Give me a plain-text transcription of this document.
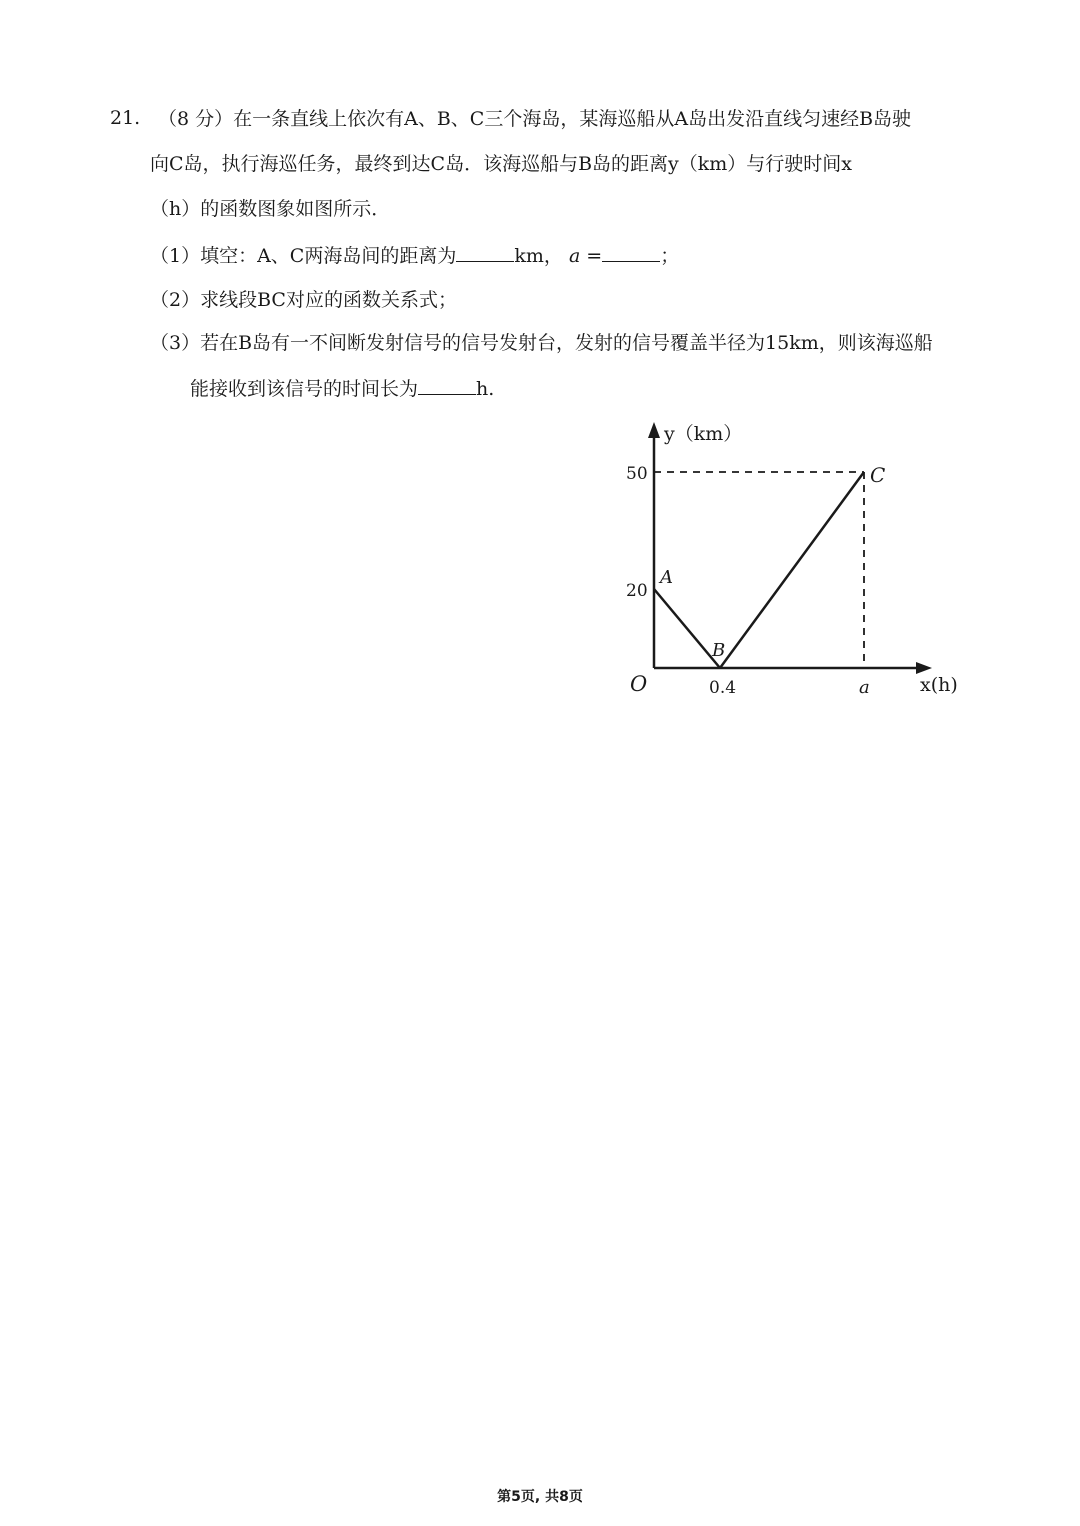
21. （8 分）在一条直线上依次有A、B、C三个海岛，某海巡船从A岛出发沿直线匀速经B岛驶
向C岛，执行海巡任务，最终到达C岛．该海巡船与B岛的距离y（km）与行驶时间x
（h）的函数图象如图所示．
（1）填空：A、C两海岛间的距离为	km， a =	；
（2）求线段BC对应的函数关系式；
（3）若在B岛有一不间断发射信号的信号发射台，发射的信号覆盖半径为15km，则该海巡船
能接收到该信号的时间长为	h.
y（km）
x(h)
O
50
20
0.4	a
A
B
C
第5页, 共8页
